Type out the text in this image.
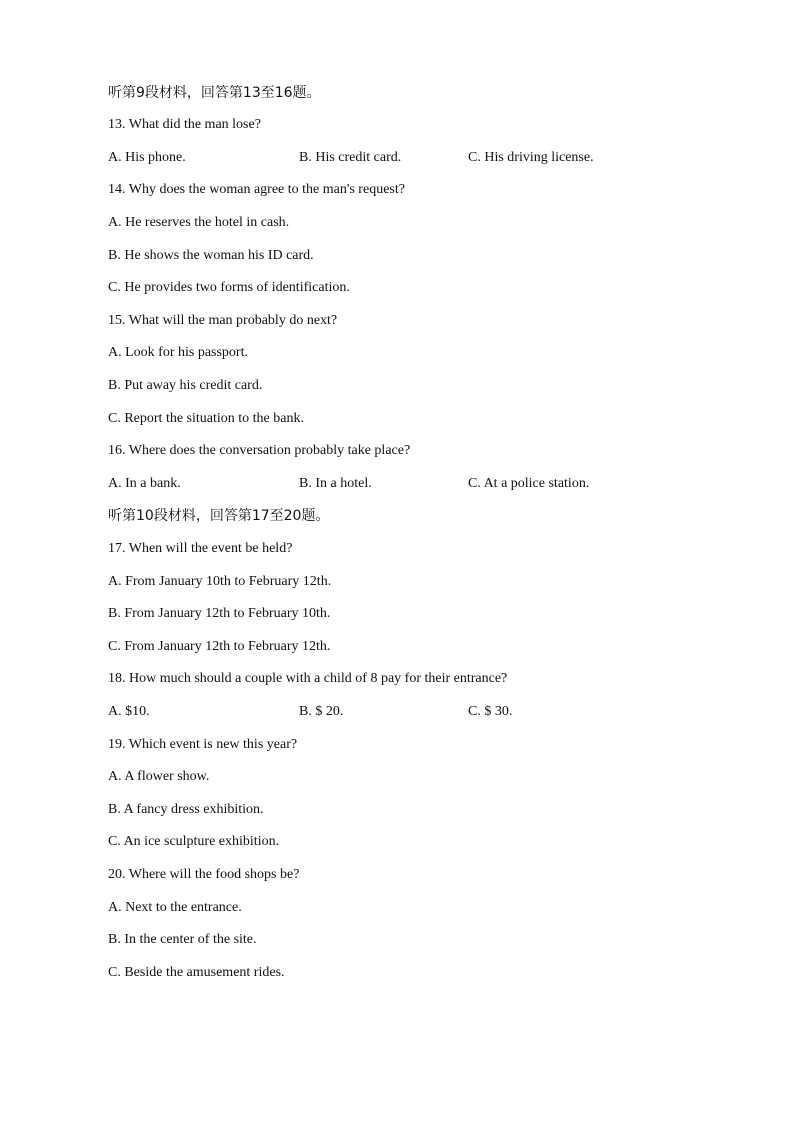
听第9段材料，回答第13至16题。
13. What did the man lose?
A. His phone.	B. His credit card.	C. His driving license.
14. Why does the woman agree to the man's request?
A. He reserves the hotel in cash.
B. He shows the woman his ID card.
C. He provides two forms of identification.
15. What will the man probably do next?
A. Look for his passport.
B. Put away his credit card.
C. Report the situation to the bank.
16. Where does the conversation probably take place?
A. In a bank.	B. In a hotel.	C. At a police station.
听第10段材料，回答第17至20题。
17. When will the event be held?
A. From January 10th to February 12th.
B. From January 12th to February 10th.
C. From January 12th to February 12th.
18. How much should a couple with a child of 8 pay for their entrance?
A. $10.	B. $ 20.	C. $ 30.
19. Which event is new this year?
A. A flower show.
B. A fancy dress exhibition.
C. An ice sculpture exhibition.
20. Where will the food shops be?
A. Next to the entrance.
B. In the center of the site.
C. Beside the amusement rides.
